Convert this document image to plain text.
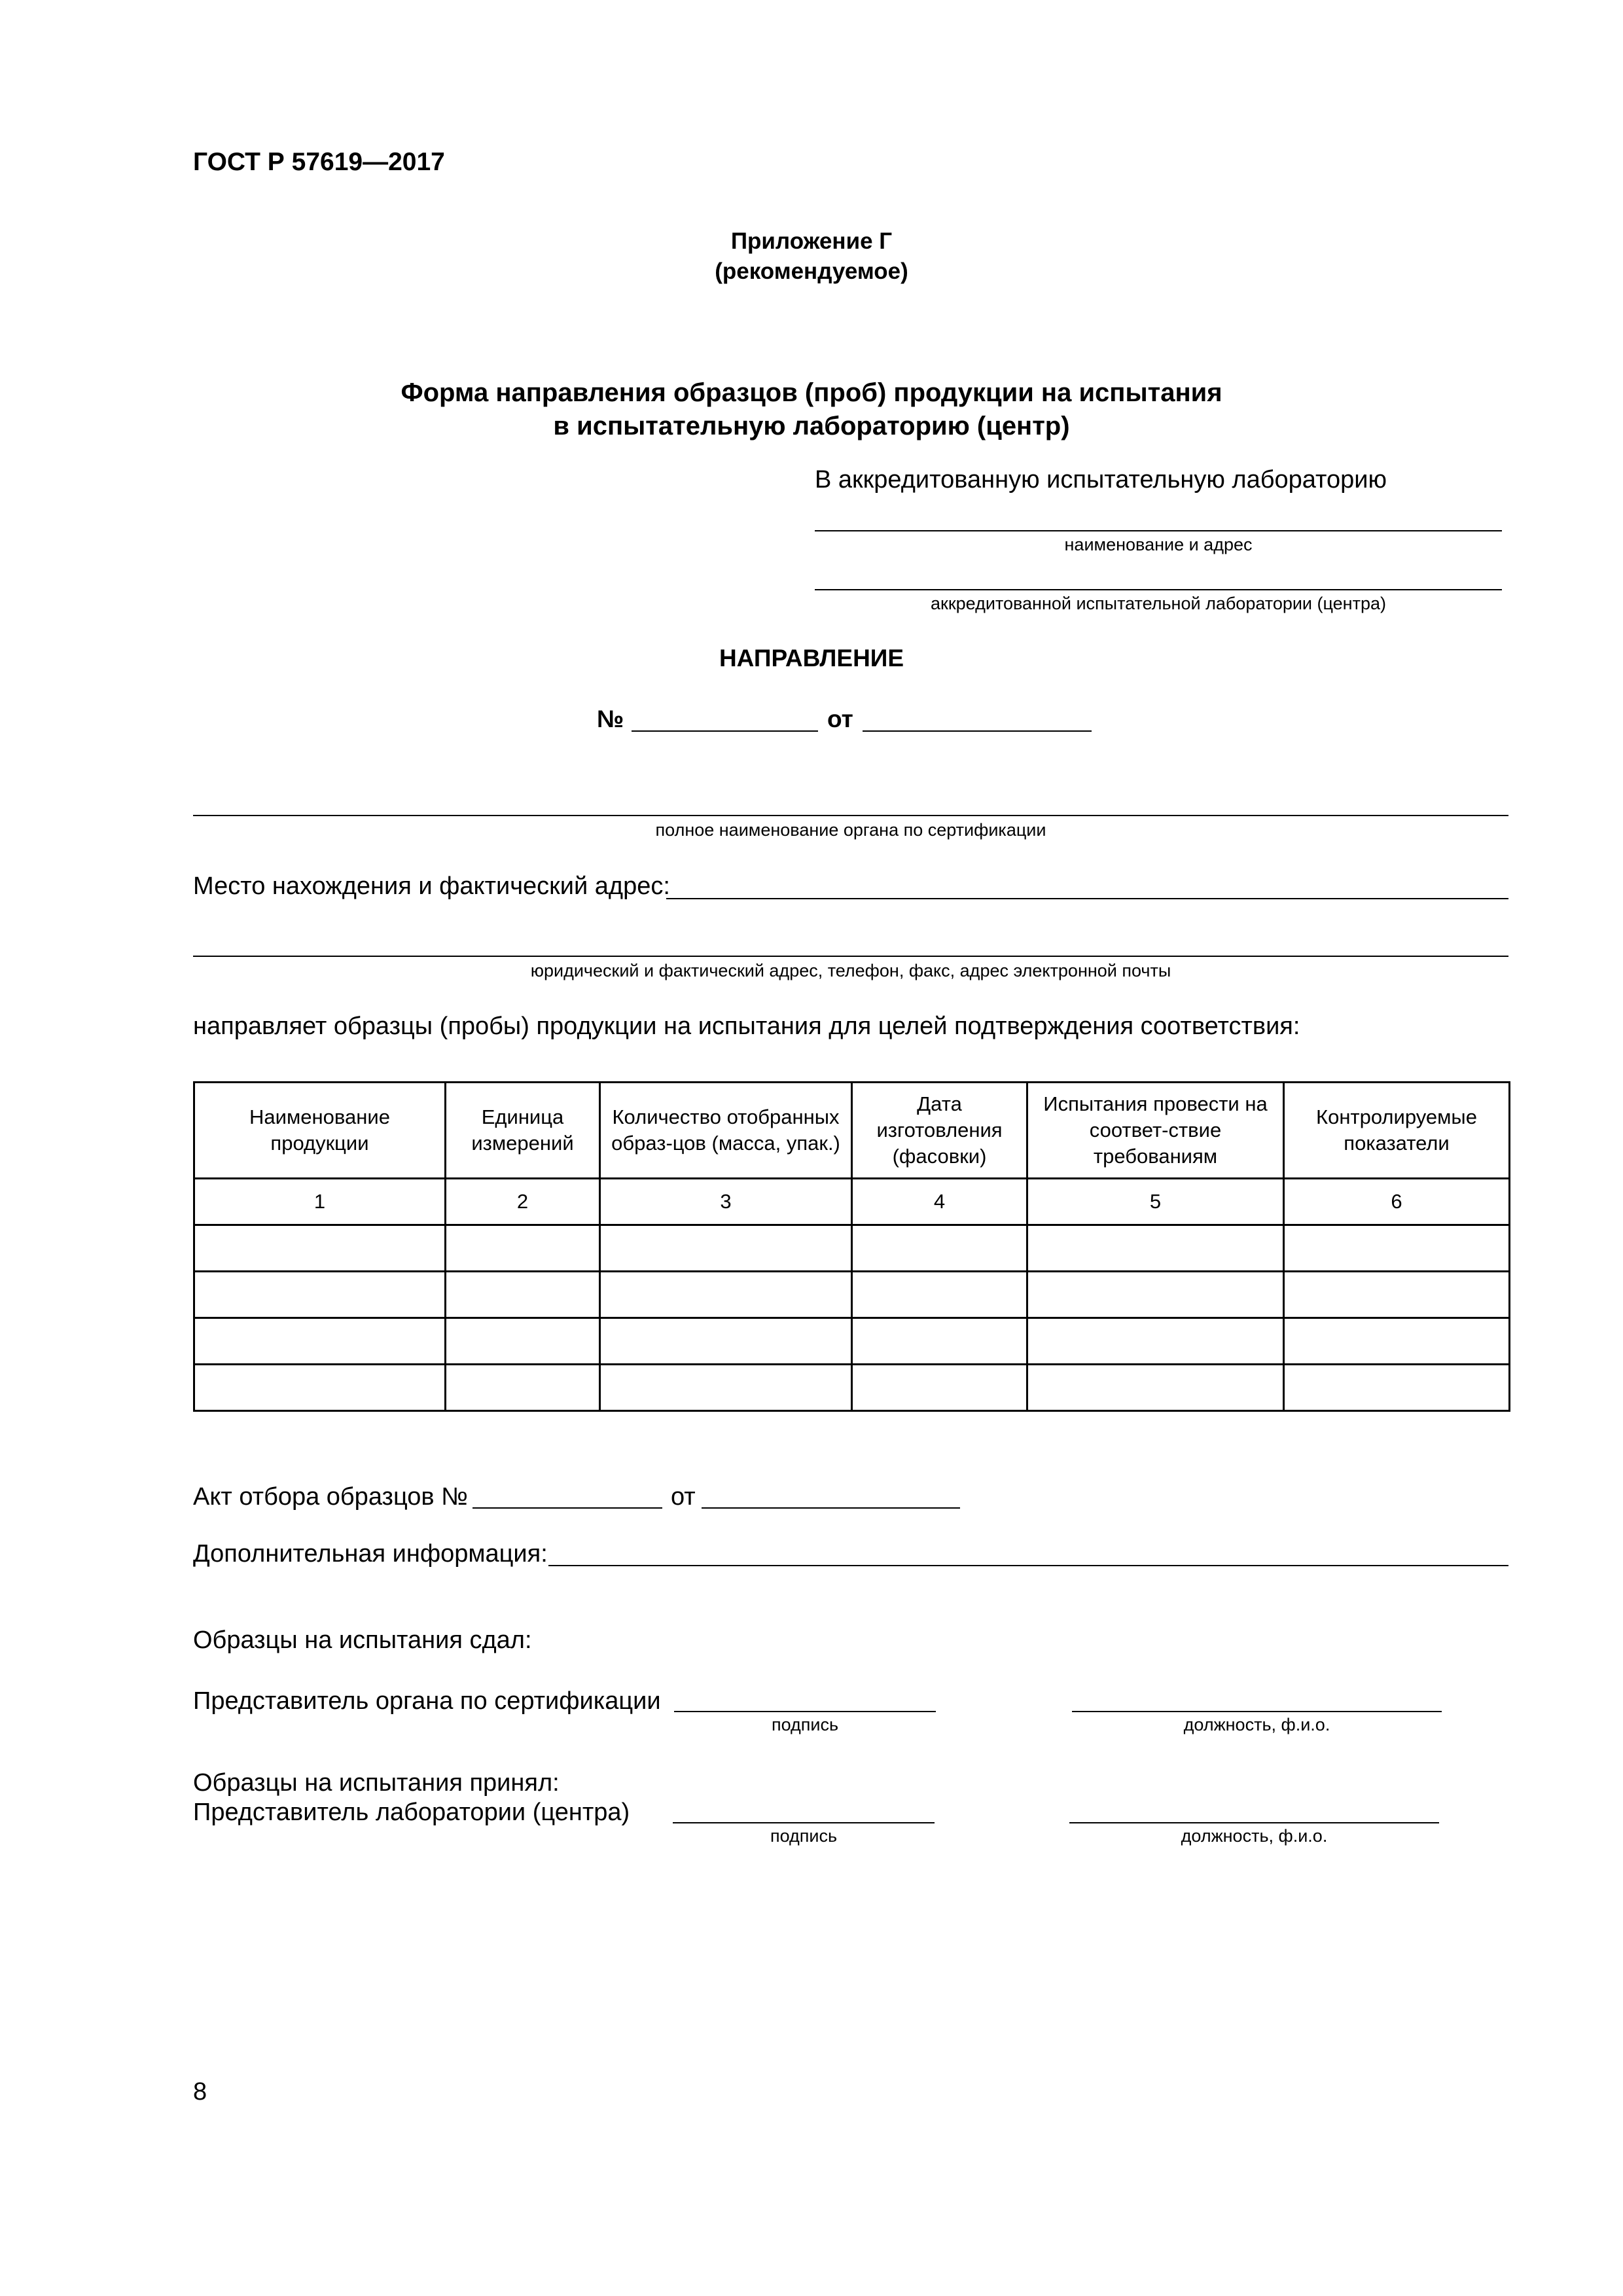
ГОСТ Р 57619—2017
Приложение Г
(рекомендуемое)
Форма направления образцов (проб) продукции на испытания
в испытательную лабораторию (центр)
В аккредитованную испытательную лабораторию
наименование и адрес
аккредитованной испытательной лаборатории (центра)
НАПРАВЛЕНИЕ
№	от
полное наименование органа по сертификации
Место нахождения и фактический адрес:
юридический и фактический адрес, телефон, факс, адрес электронной почты
направляет образцы (пробы) продукции на испытания для целей подтверждения соответствия:
Наименование продукции	Единица измерений	Количество отобранных образ-цов (масса, упак.)	Дата изготовления (фасовки)	Испытания провести на соответ-ствие требованиям	Контролируемые показатели
1	2	3	4	5	6

Акт отбора образцов №	от
Дополнительная информация:
Образцы на испытания сдал:
Представитель органа по сертификации
подпись	должность, ф.и.о.
Образцы на испытания принял:
Представитель лаборатории (центра)
подпись	должность, ф.и.о.
8
